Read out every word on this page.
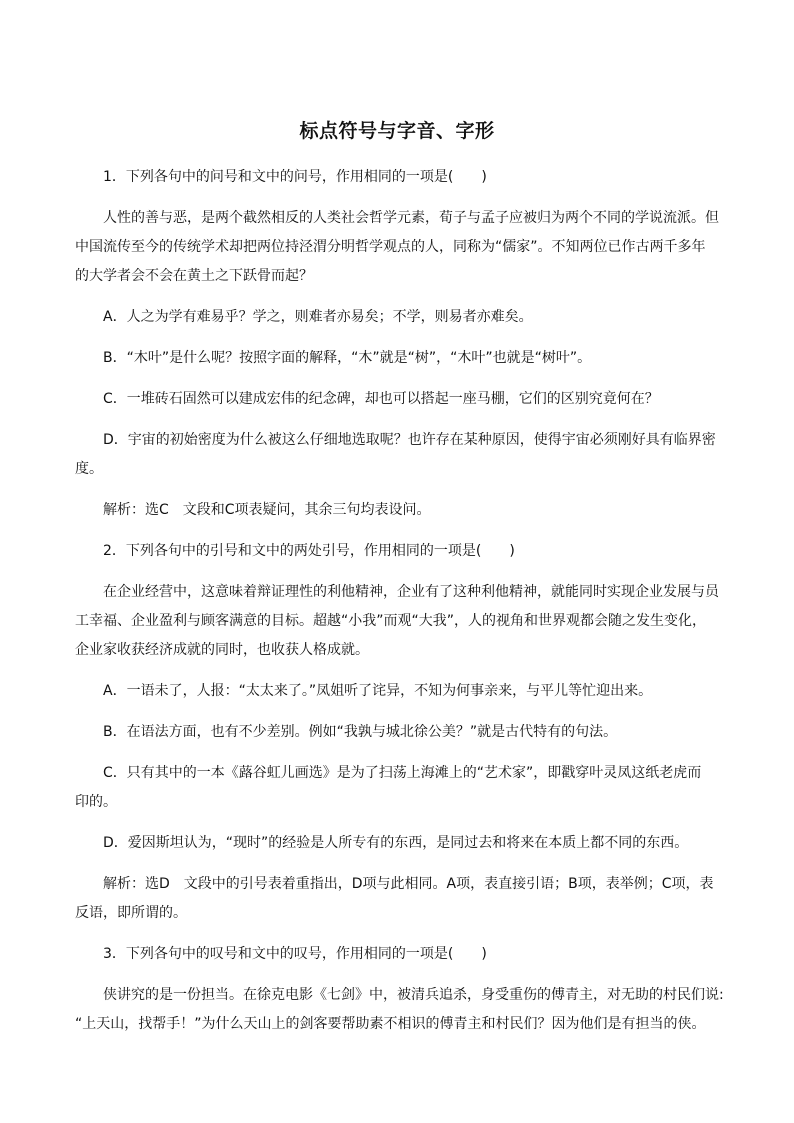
标点符号与字音、字形
1．下列各句中的问号和文中的问号，作用相同的一项是(　　)
人性的善与恶，是两个截然相反的人类社会哲学元素，荀子与孟子应被归为两个不同的学说流派。但
中国流传至今的传统学术却把两位持泾渭分明哲学观点的人，同称为“儒家”。不知两位已作古两千多年
的大学者会不会在黄土之下跃骨而起？
A．人之为学有难易乎？学之，则难者亦易矣；不学，则易者亦难矣。
B．“木叶”是什么呢？按照字面的解释，“木”就是“树”，“木叶”也就是“树叶”。
C．一堆砖石固然可以建成宏伟的纪念碑，却也可以搭起一座马棚，它们的区别究竟何在？
D．宇宙的初始密度为什么被这么仔细地选取呢？也许存在某种原因，使得宇宙必须刚好具有临界密
度。
解析：选C　文段和C项表疑问，其余三句均表设问。
2．下列各句中的引号和文中的两处引号，作用相同的一项是(　　)
在企业经营中，这意味着辩证理性的利他精神，企业有了这种利他精神，就能同时实现企业发展与员
工幸福、企业盈利与顾客满意的目标。超越“小我”而观“大我”，人的视角和世界观都会随之发生变化，
企业家收获经济成就的同时，也收获人格成就。
A．一语未了，人报：“太太来了。”凤姐听了诧异，不知为何事亲来，与平儿等忙迎出来。
B．在语法方面，也有不少差别。例如“我孰与城北徐公美？”就是古代特有的句法。
C．只有其中的一本《蕗谷虹儿画选》是为了扫荡上海滩上的“艺术家”，即戳穿叶灵凤这纸老虎而
印的。
D．爱因斯坦认为，“现时”的经验是人所专有的东西，是同过去和将来在本质上都不同的东西。
解析：选D　文段中的引号表着重指出，D项与此相同。A项，表直接引语；B项，表举例；C项，表
反语，即所谓的。
3．下列各句中的叹号和文中的叹号，作用相同的一项是(　　)
侠讲究的是一份担当。在徐克电影《七剑》中，被清兵追杀，身受重伤的傅青主，对无助的村民们说:
“上天山，找帮手！”为什么天山上的剑客要帮助素不相识的傅青主和村民们？因为他们是有担当的侠。
